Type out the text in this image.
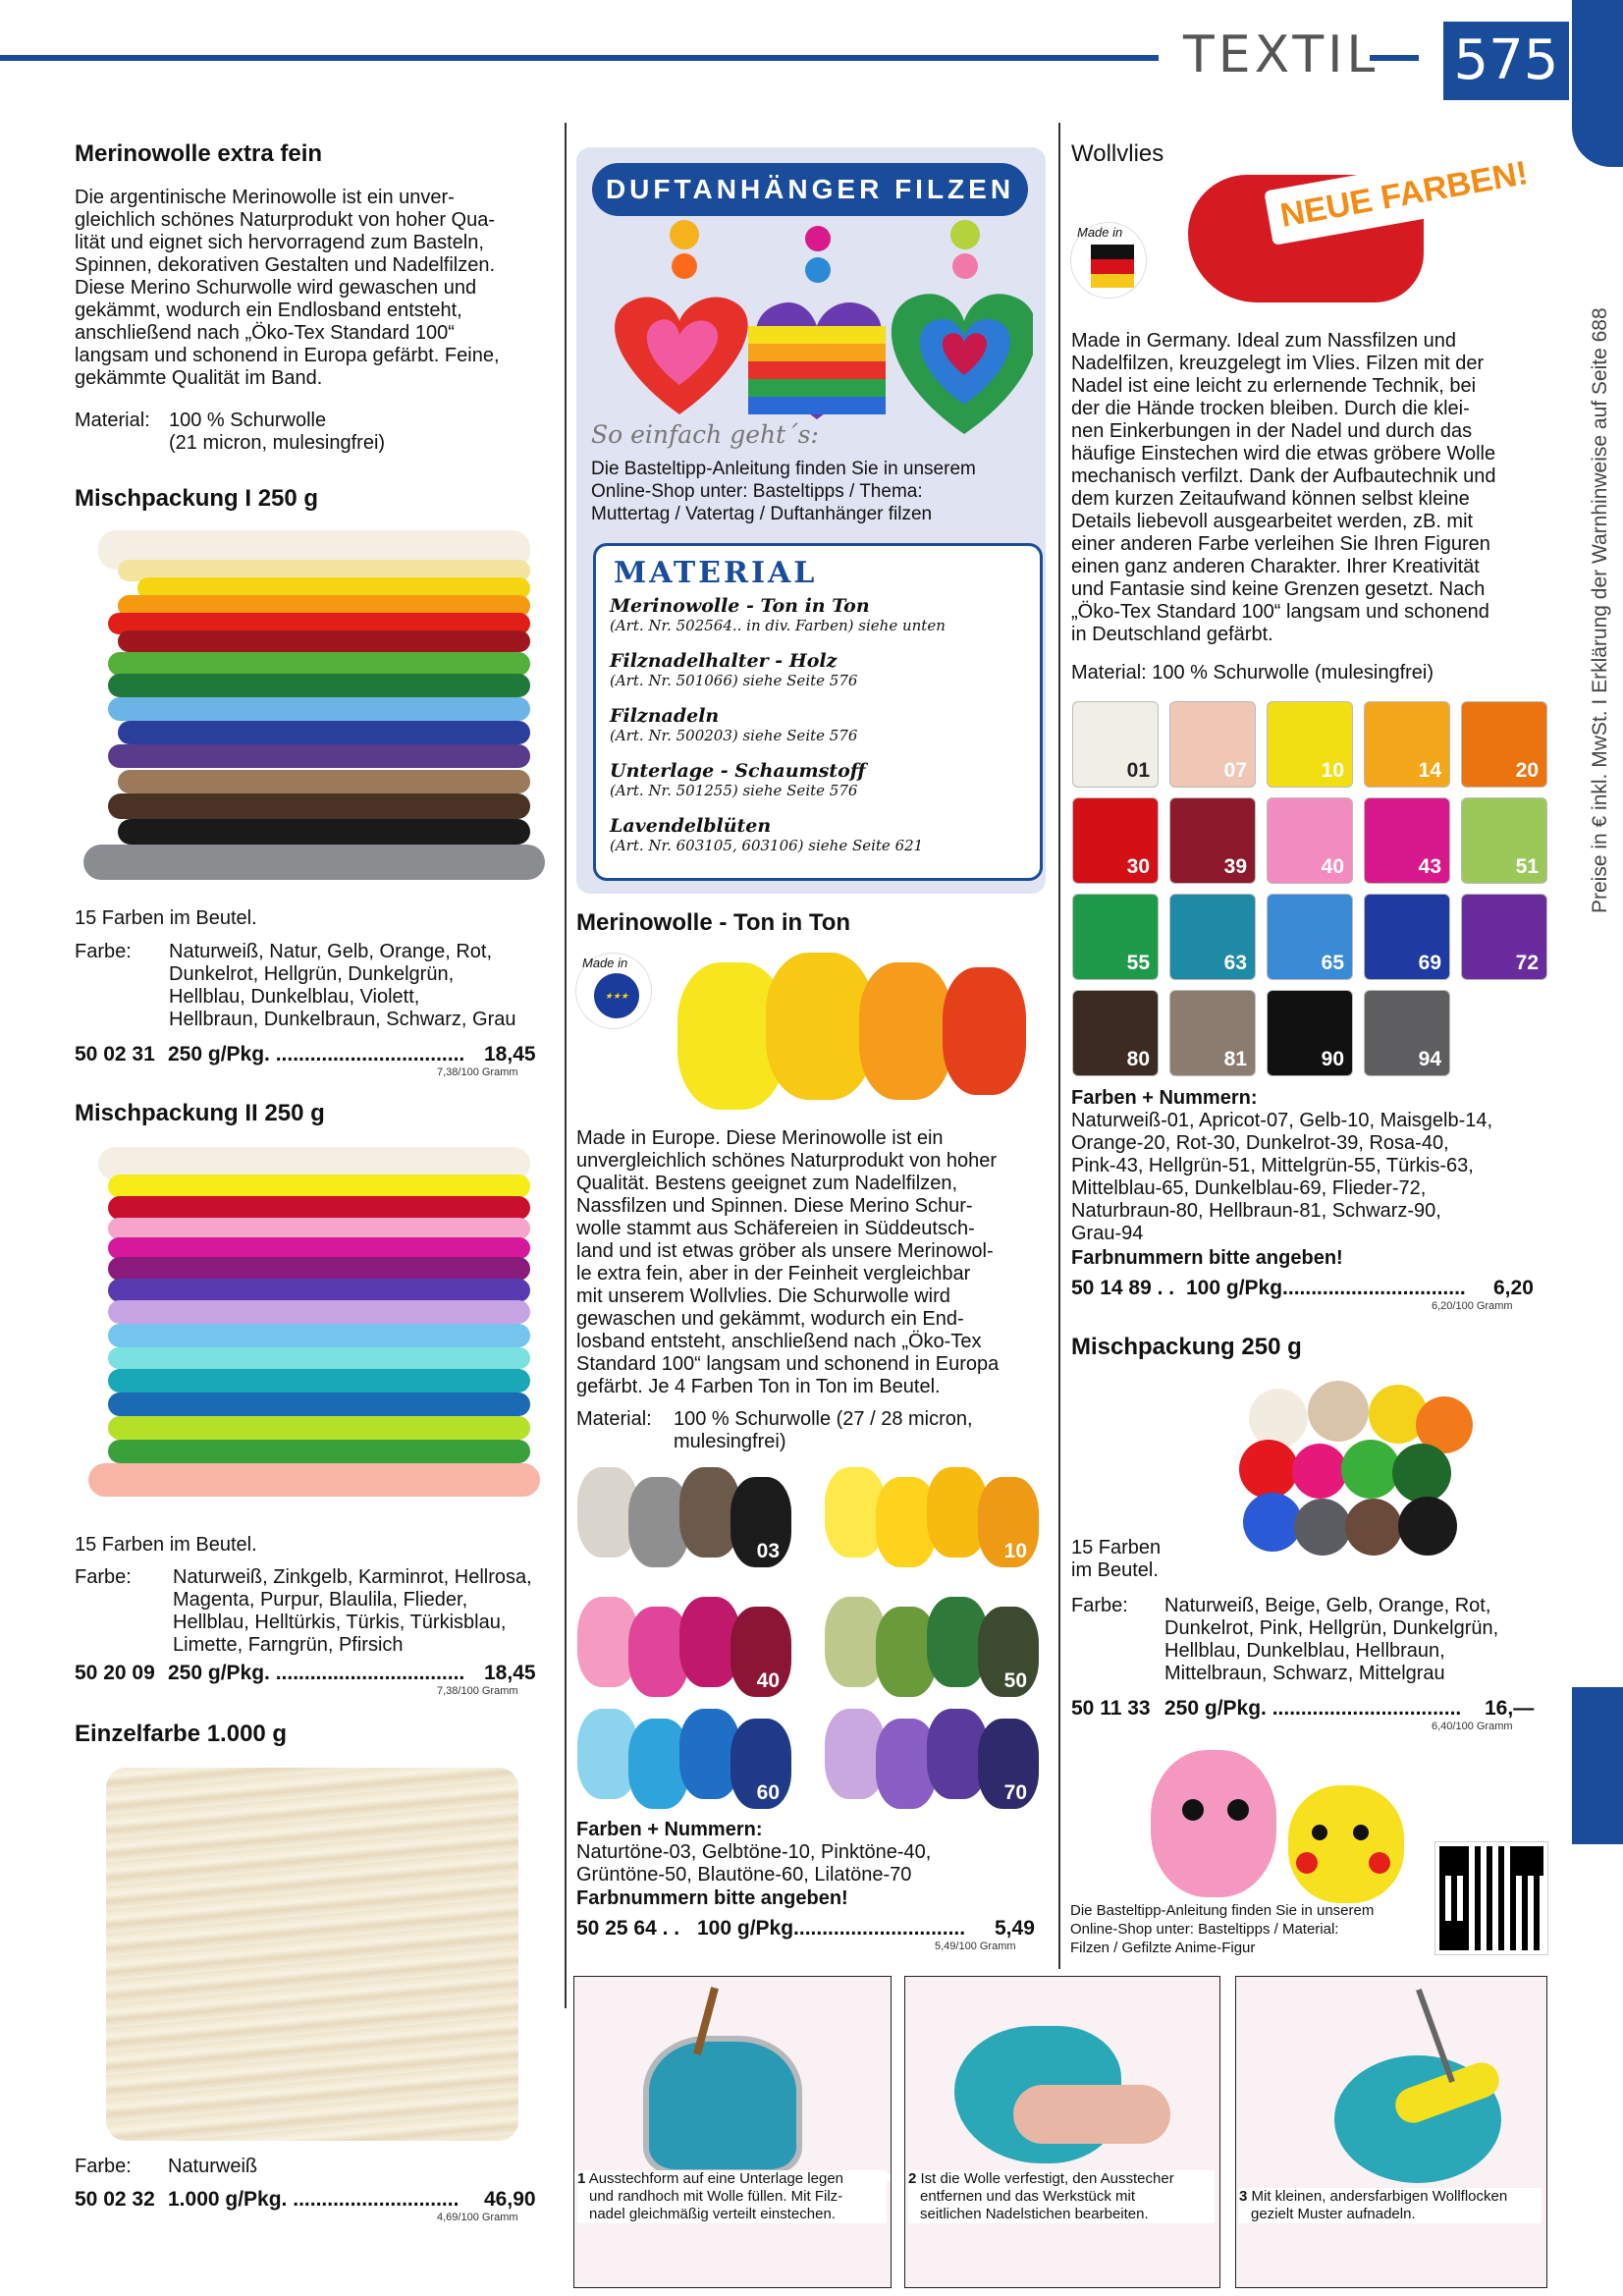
TEXTIL 575
Preise in € inkl. MwSt. I Erklärung der Warnhinweise auf Seite 688
Merinowolle extra fein
Die argentinische Merinowolle ist ein unver-
gleichlich schönes Naturprodukt von hoher Qua-
lität und eignet sich hervorragend zum Basteln,
Spinnen, dekorativen Gestalten und Nadelfilzen.
Diese Merino Schurwolle wird gewaschen und
gekämmt, wodurch ein Endlosband entsteht,
anschließend nach „Öko-Tex Standard 100“
langsam und schonend in Europa gefärbt. Feine,
gekämmte Qualität im Band.
Material: 100 % Schurwolle
(21 micron, mulesingfrei)
Mischpackung I 250 g
15 Farben im Beutel.
Farbe: Naturweiß, Natur, Gelb, Orange, Rot,
Dunkelrot, Hellgrün, Dunkelgrün,
Hellblau, Dunkelblau, Violett,
Hellbraun, Dunkelbraun, Schwarz, Grau
50 02 31 250 g/Pkg. ................................. 18,45
7,38/100 Gramm
Mischpackung II 250 g
15 Farben im Beutel.
Farbe: Naturweiß, Zinkgelb, Karminrot, Hellrosa,
Magenta, Purpur, Blaulila, Flieder,
Hellblau, Helltürkis, Türkis, Türkisblau,
Limette, Farngrün, Pfirsich
50 20 09 250 g/Pkg. ................................. 18,45
7,38/100 Gramm
Einzelfarbe 1.000 g
Farbe: Naturweiß
50 02 32 1.000 g/Pkg. ............................. 46,90
4,69/100 Gramm
DUFTANHÄNGER FILZEN
So einfach geht´s:
Die Basteltipp-Anleitung finden Sie in unserem
Online-Shop unter: Basteltipps / Thema:
Muttertag / Vatertag / Duftanhänger filzen
MATERIAL
Merinowolle - Ton in Ton
(Art. Nr. 502564.. in div. Farben) siehe unten
Filznadelhalter - Holz
(Art. Nr. 501066) siehe Seite 576
Filznadeln
(Art. Nr. 500203) siehe Seite 576
Unterlage - Schaumstoff
(Art. Nr. 501255) siehe Seite 576
Lavendelblüten
(Art. Nr. 603105, 603106) siehe Seite 621
Merinowolle - Ton in Ton
Made in
★★★
Made in Europe. Diese Merinowolle ist ein
unvergleichlich schönes Naturprodukt von hoher
Qualität. Bestens geeignet zum Nadelfilzen,
Nassfilzen und Spinnen. Diese Merino Schur-
wolle stammt aus Schäfereien in Süddeutsch-
land und ist etwas gröber als unsere Merinowol-
le extra fein, aber in der Feinheit vergleichbar
mit unserem Wollvlies. Die Schurwolle wird
gewaschen und gekämmt, wodurch ein End-
losband entsteht, anschließend nach „Öko-Tex
Standard 100“ langsam und schonend in Europa
gefärbt. Je 4 Farben Ton in Ton im Beutel.
Material: 100 % Schurwolle (27 / 28 micron,
mulesingfrei)
03	10
40	50
60	70
Farben + Nummern:
Naturtöne-03, Gelbtöne-10, Pinktöne-40,
Grüntöne-50, Blautöne-60, Lilatöne-70
Farbnummern bitte angeben!
50 25 64 . . 100 g/Pkg.............................. 5,49
5,49/100 Gramm
Wollvlies
NEUE FARBEN!
Made in
Made in Germany. Ideal zum Nassfilzen und
Nadelfilzen, kreuzgelegt im Vlies. Filzen mit der
Nadel ist eine leicht zu erlernende Technik, bei
der die Hände trocken bleiben. Durch die klei-
nen Einkerbungen in der Nadel und durch das
häufige Einstechen wird die etwas gröbere Wolle
mechanisch verfilzt. Dank der Aufbautechnik und
dem kurzen Zeitaufwand können selbst kleine
Details liebevoll ausgearbeitet werden, zB. mit
einer anderen Farbe verleihen Sie Ihren Figuren
einen ganz anderen Charakter. Ihrer Kreativität
und Fantasie sind keine Grenzen gesetzt. Nach
„Öko-Tex Standard 100“ langsam und schonend
in Deutschland gefärbt.
Material: 100 % Schurwolle (mulesingfrei)
01	07	10	14	20
30	39	40	43	51
55	63	65	69	72
80	81	90	94
Farben + Nummern:
Naturweiß-01, Apricot-07, Gelb-10, Maisgelb-14,
Orange-20, Rot-30, Dunkelrot-39, Rosa-40,
Pink-43, Hellgrün-51, Mittelgrün-55, Türkis-63,
Mittelblau-65, Dunkelblau-69, Flieder-72,
Naturbraun-80, Hellbraun-81, Schwarz-90,
Grau-94
Farbnummern bitte angeben!
50 14 89 . . 100 g/Pkg................................ 6,20
6,20/100 Gramm
Mischpackung 250 g
15 Farben
im Beutel.
Farbe: Naturweiß, Beige, Gelb, Orange, Rot,
Dunkelrot, Pink, Hellgrün, Dunkelgrün,
Hellblau, Dunkelblau, Hellbraun,
Mittelbraun, Schwarz, Mittelgrau
50 11 33 250 g/Pkg. ................................. 16,—
6,40/100 Gramm
Die Basteltipp-Anleitung finden Sie in unserem
Online-Shop unter: Basteltipps / Material:
Filzen / Gefilzte Anime-Figur
1 Ausstechform auf eine Unterlage legen
und randhoch mit Wolle füllen. Mit Filz-
nadel gleichmäßig verteilt einstechen.
2 Ist die Wolle verfestigt, den Ausstecher
entfernen und das Werkstück mit
seitlichen Nadelstichen bearbeiten.
3 Mit kleinen, andersfarbigen Wollflocken
gezielt Muster aufnadeln.
